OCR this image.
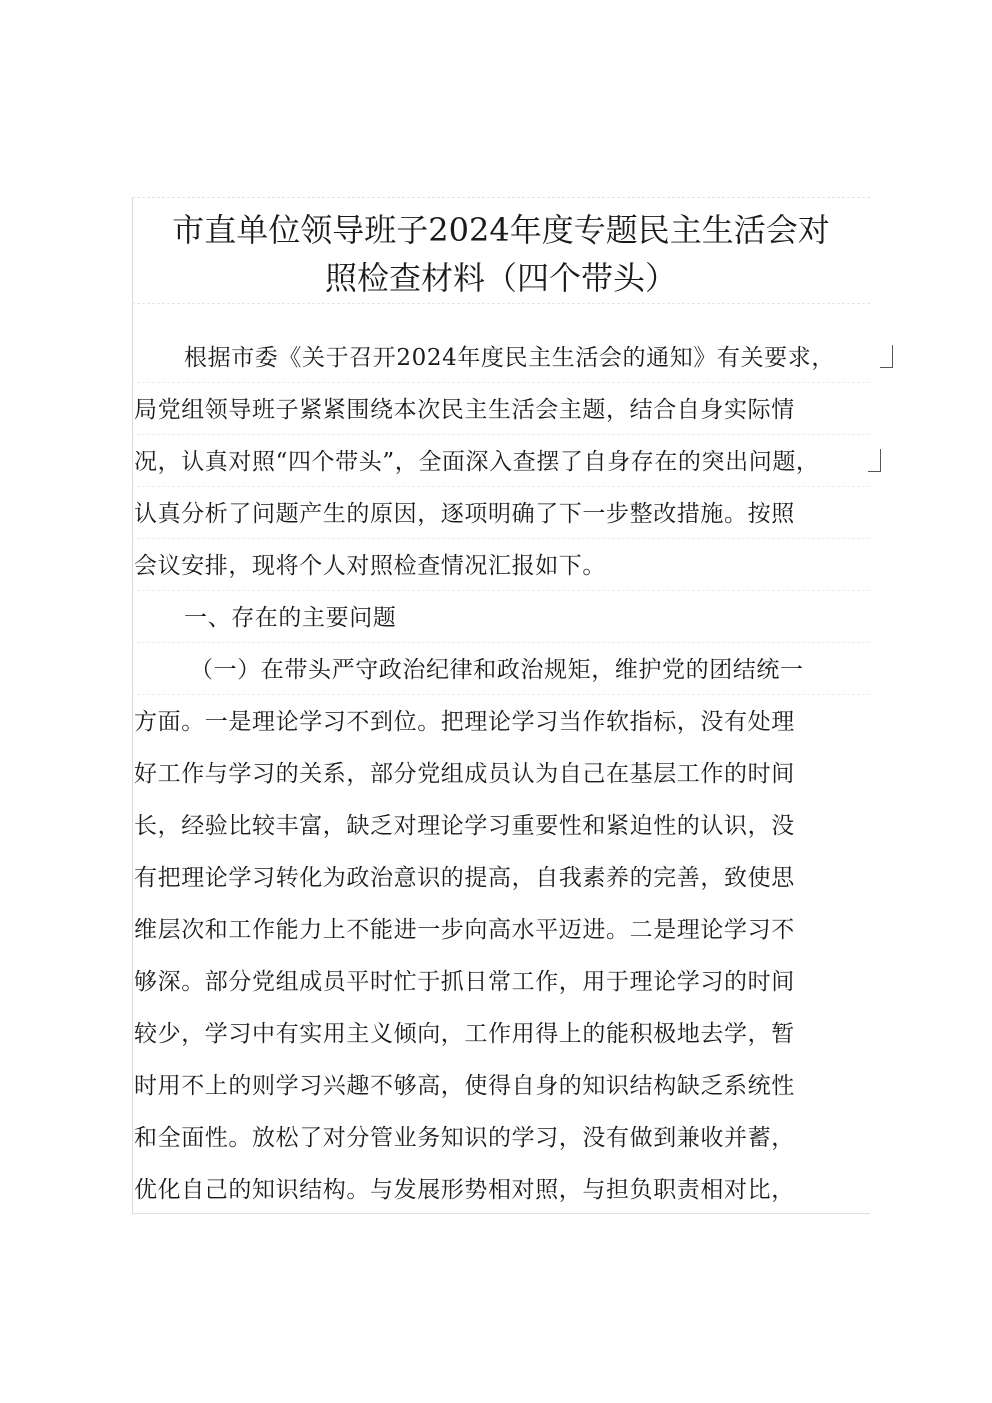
市直单位领导班子2024年度专题民主生活会对
照检查材料（四个带头）
根据市委《关于召开2024年度民主生活会的通知》有关要求，
局党组领导班子紧紧围绕本次民主生活会主题，结合自身实际情
况，认真对照“四个带头”，全面深入查摆了自身存在的突出问题，
认真分析了问题产生的原因，逐项明确了下一步整改措施。按照
会议安排，现将个人对照检查情况汇报如下。
一、存在的主要问题
（一）在带头严守政治纪律和政治规矩，维护党的团结统一
方面。一是理论学习不到位。把理论学习当作软指标，没有处理
好工作与学习的关系，部分党组成员认为自己在基层工作的时间
长，经验比较丰富，缺乏对理论学习重要性和紧迫性的认识，没
有把理论学习转化为政治意识的提高，自我素养的完善，致使思
维层次和工作能力上不能进一步向高水平迈进。二是理论学习不
够深。部分党组成员平时忙于抓日常工作，用于理论学习的时间
较少，学习中有实用主义倾向，工作用得上的能积极地去学，暂
时用不上的则学习兴趣不够高，使得自身的知识结构缺乏系统性
和全面性。放松了对分管业务知识的学习，没有做到兼收并蓄，
优化自己的知识结构。与发展形势相对照，与担负职责相对比，
